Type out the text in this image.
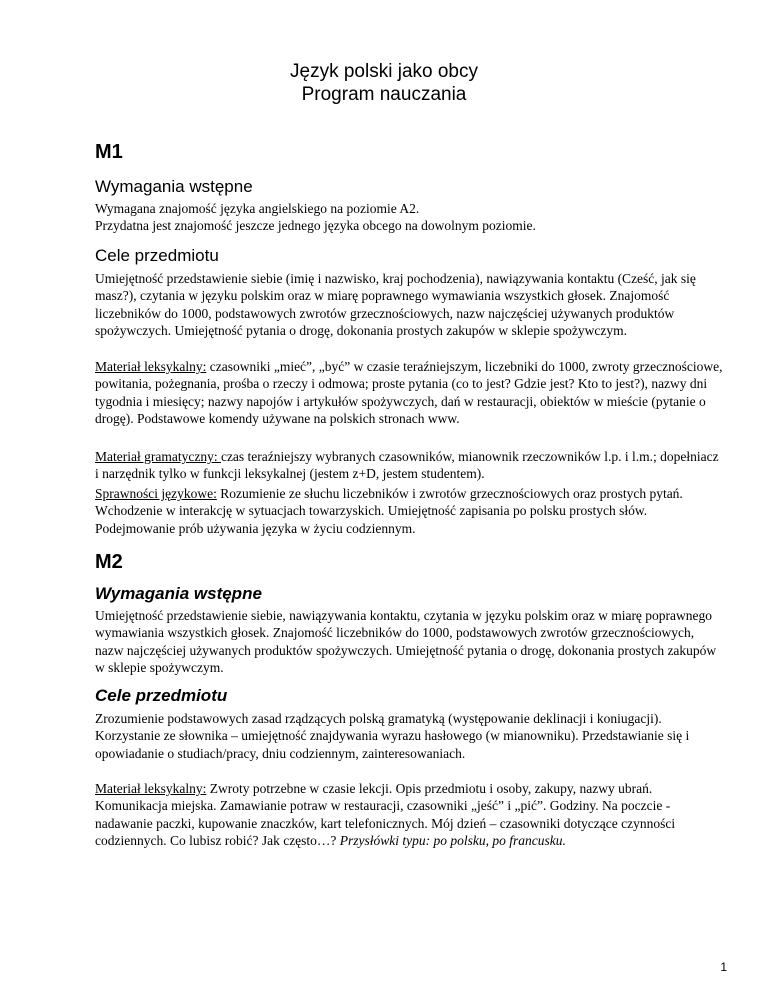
Język polski jako obcy
Program nauczania
M1
Wymagania wstępne

Wymagana znajomość języka angielskiego na poziomie A2.
Przydatna jest znajomość jeszcze jednego języka obcego na dowolnym poziomie.

Cele przedmiotu

Umiejętność przedstawienie siebie (imię i nazwisko, kraj pochodzenia), nawiązywania kontaktu (Cześć, jak się masz?), czytania w języku polskim oraz w miarę poprawnego wymawiania wszystkich głosek. Znajomość liczebników do 1000, podstawowych zwrotów grzecznościowych, nazw najczęściej używanych produktów spożywczych. Umiejętność pytania o drogę, dokonania prostych zakupów w sklepie spożywczym.

Materiał leksykalny: czasowniki „mieć”, „być” w czasie teraźniejszym, liczebniki do 1000, zwroty grzecznościowe, powitania, pożegnania, prośba o rzeczy i odmowa; proste pytania (co to jest? Gdzie jest? Kto to jest?), nazwy dni tygodnia i miesięcy; nazwy napojów i artykułów spożywczych, dań w restauracji, obiektów w mieście (pytanie o drogę). Podstawowe komendy używane na polskich stronach www.

Materiał gramatyczny: czas teraźniejszy wybranych czasowników, mianownik rzeczowników l.p. i l.m.; dopełniacz i narzędnik tylko w funkcji leksykalnej (jestem z+D, jestem studentem).

Sprawności językowe: Rozumienie ze słuchu liczebników i zwrotów grzecznościowych oraz prostych pytań. Wchodzenie w interakcję w sytuacjach towarzyskich. Umiejętność zapisania po polsku prostych słów. Podejmowanie prób używania języka w życiu codziennym.

M2
Wymagania wstępne

Umiejętność przedstawienie siebie, nawiązywania kontaktu, czytania w języku polskim oraz w miarę poprawnego wymawiania wszystkich głosek. Znajomość liczebników do 1000, podstawowych zwrotów grzecznościowych, nazw najczęściej używanych produktów spożywczych. Umiejętność pytania o drogę, dokonania prostych zakupów w sklepie spożywczym.

Cele przedmiotu

Zrozumienie podstawowych zasad rządzących polską gramatyką (występowanie deklinacji i koniugacji). Korzystanie ze słownika – umiejętność znajdywania wyrazu hasłowego (w mianowniku). Przedstawianie się i opowiadanie o studiach/pracy, dniu codziennym, zainteresowaniach.

Materiał leksykalny: Zwroty potrzebne w czasie lekcji. Opis przedmiotu i osoby, zakupy, nazwy ubrań. Komunikacja miejska. Zamawianie potraw w restauracji, czasowniki „jeść” i „pić”. Godziny. Na poczcie - nadawanie paczki, kupowanie znaczków, kart telefonicznych. Mój dzień – czasowniki dotyczące czynności codziennych. Co lubisz robić? Jak często…? Przysłówki typu: po polsku, po francusku.

1
